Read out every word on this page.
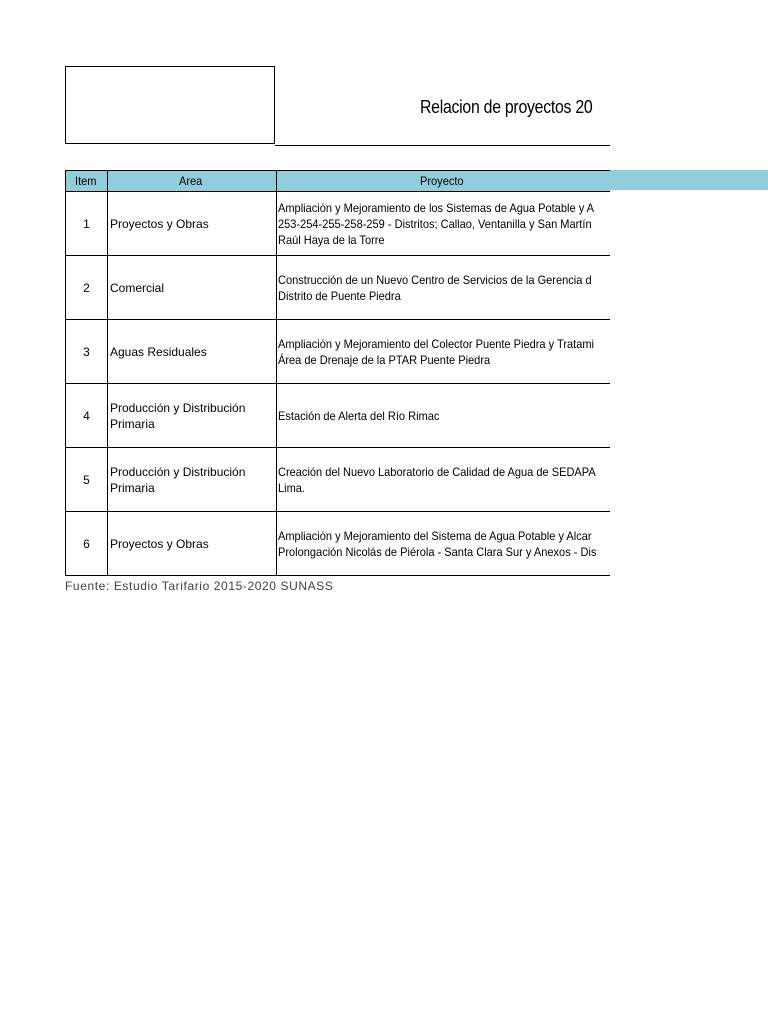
Relacion de proyectos 20
Item	Area	Proyecto
1	Proyectos y Obras	Ampliación y Mejoramiento de los Sistemas de Agua Potable y A
253-254-255-258-259 - Distritos; Callao, Ventanilla y San Martín
Raúl Haya de la Torre
2	Comercial	Construcción de un Nuevo Centro de Servicios de la Gerencia d
Distrito de Puente Piedra
3	Aguas Residuales	Ampliación y Mejoramiento del Colector Puente Piedra y Tratami
Área de Drenaje de la PTAR Puente Piedra
4	Producción y Distribución Primaria	Estación de Alerta del Río Rimac
5	Producción y Distribución Primaria	Creación del Nuevo Laboratorio de Calidad de Agua de SEDAPA
Lima.
6	Proyectos y Obras	Ampliación y Mejoramiento del Sistema de Agua Potable y Alcar
Prolongación Nicolás de Piérola - Santa Clara Sur y Anexos - Dis
Fuente: Estudio Tarifario 2015-2020 SUNASS
